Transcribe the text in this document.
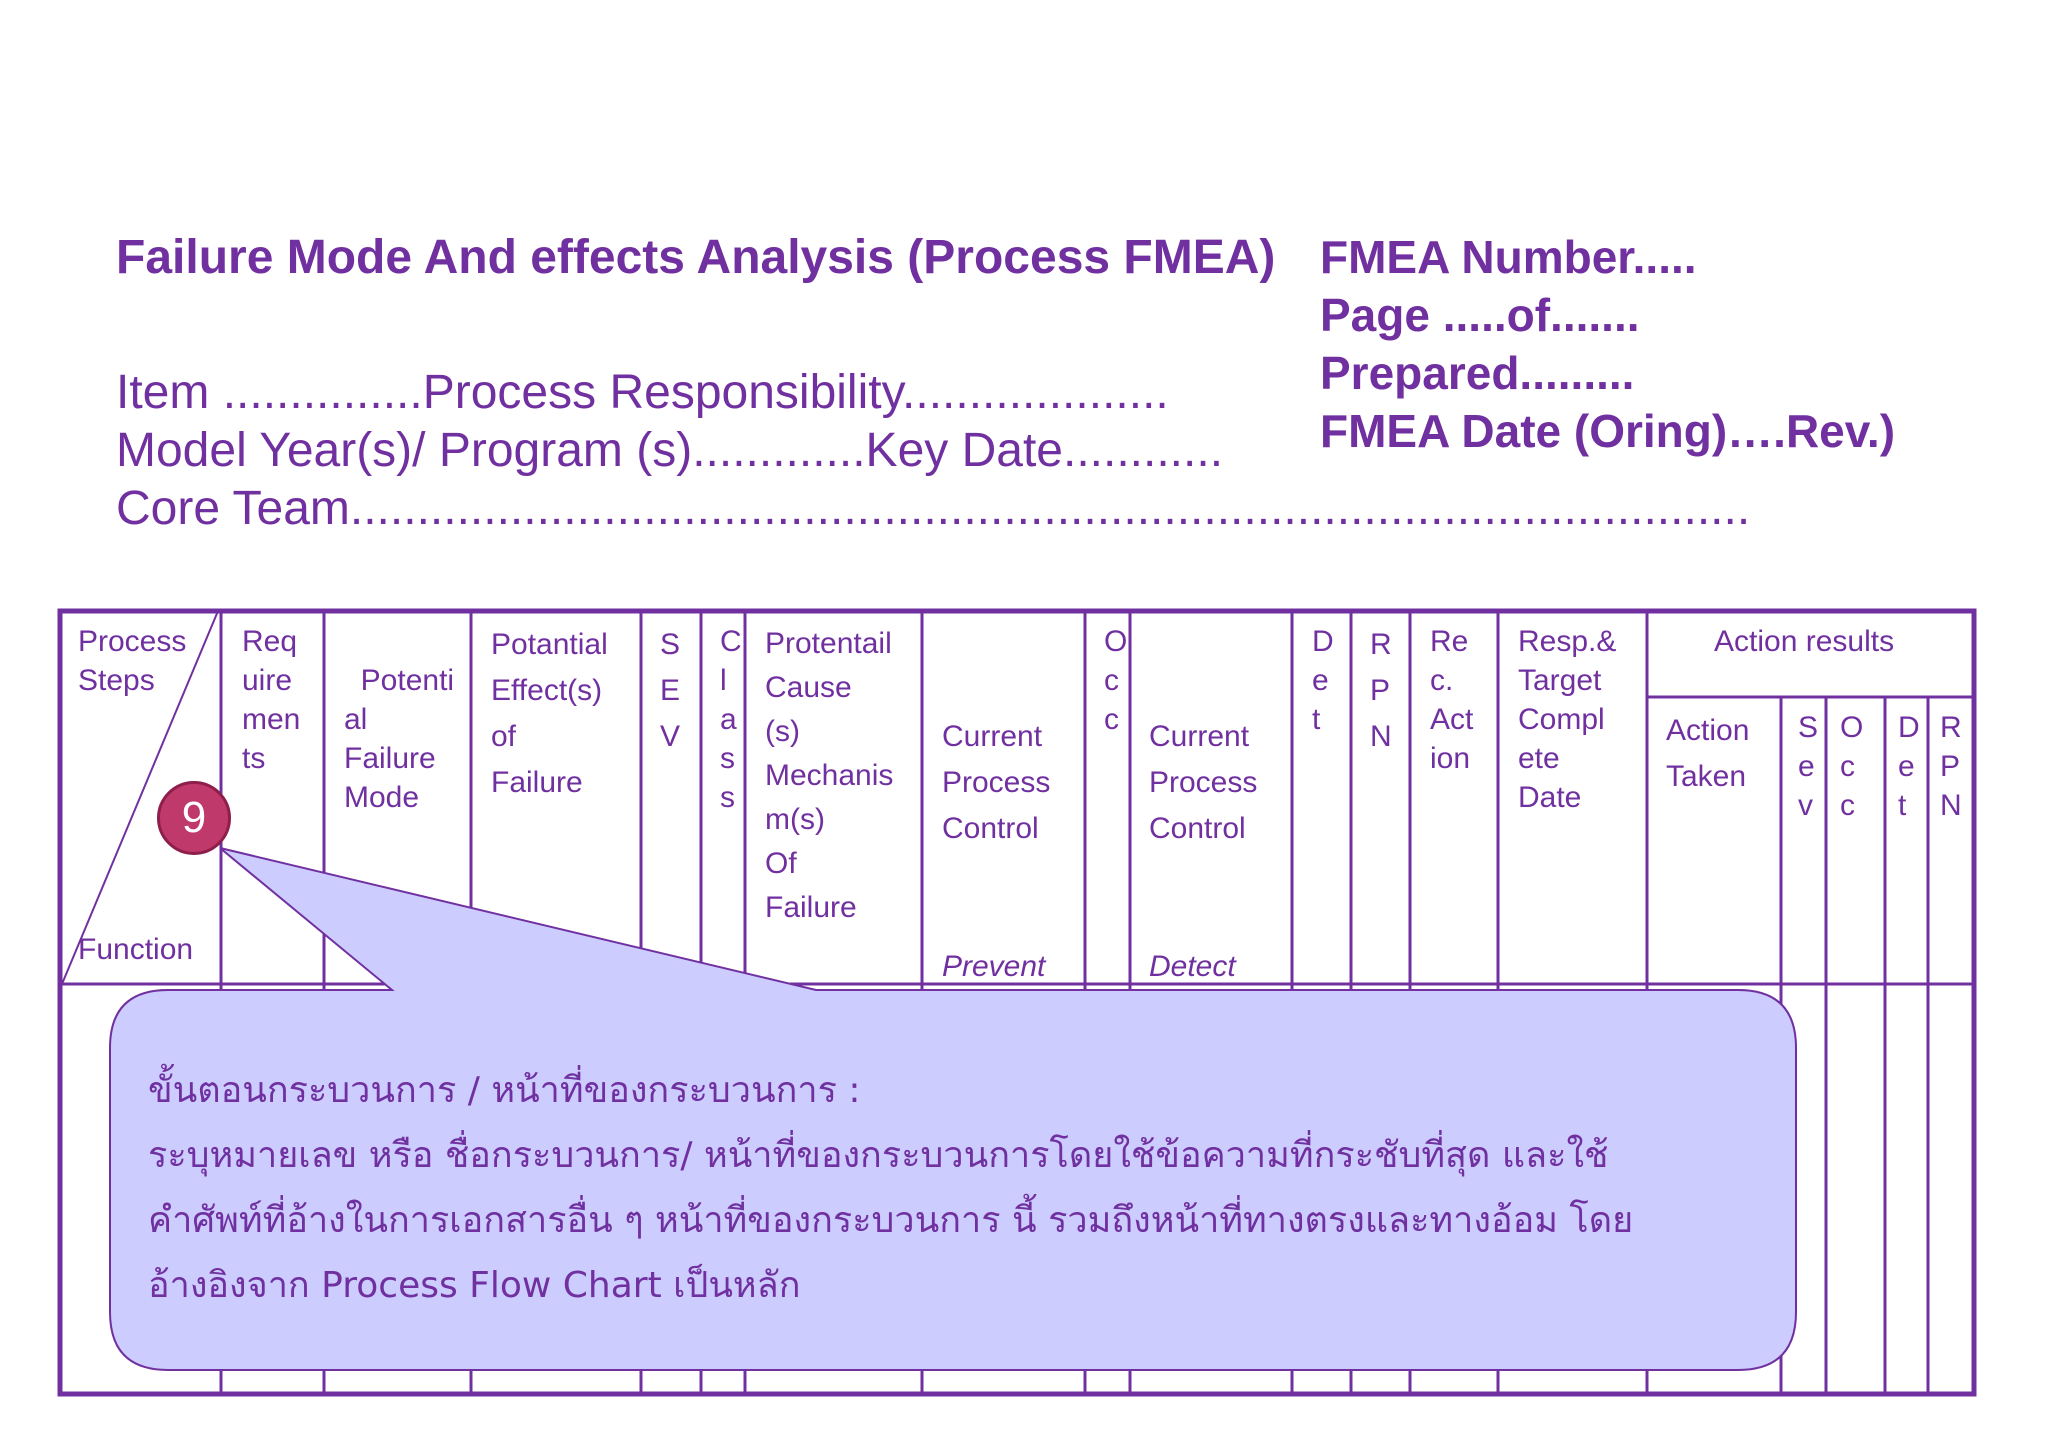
Failure Mode And effects Analysis (Process FMEA)
Item ...............Process Responsibility....................
Model Year(s)/ Program (s).............Key Date............
Core Team.........................................................................................................
FMEA Number.....
Page .....of.......
Prepared.........
FMEA Date (Oring)….Rev.)
Process
Steps
Function
Req
uire
men
ts

Potenti
al
Failure
Mode

Potantial
Effect(s)
of
Failure
S
E
V
C
l
a
s
s
Protentail
Cause
(s)
Mechanis
m(s)
Of
Failure

Current
Process
Control

Prevent

O
c
c

Current
Process
Control

Detect

D
e
t
R
P
N
Re
c.
Act
ion
Resp.&
Target
Compl
ete
Date
Action results
Action
Taken
S
e
v
O
c
c
D
e
t
R
P
N
9
ขั้นตอนกระบวนการ / หน้าที่ของกระบวนการ :
ระบุหมายเลข หรือ ชื่อกระบวนการ/ หน้าที่ของกระบวนการโดยใช้ข้อความที่กระชับที่สุด และใช้
คำศัพท์ที่อ้างในการเอกสารอื่น ๆ หน้าที่ของกระบวนการ นี้ รวมถึงหน้าที่ทางตรงและทางอ้อม โดย
อ้างอิงจาก Process Flow Chart เป็นหลัก
